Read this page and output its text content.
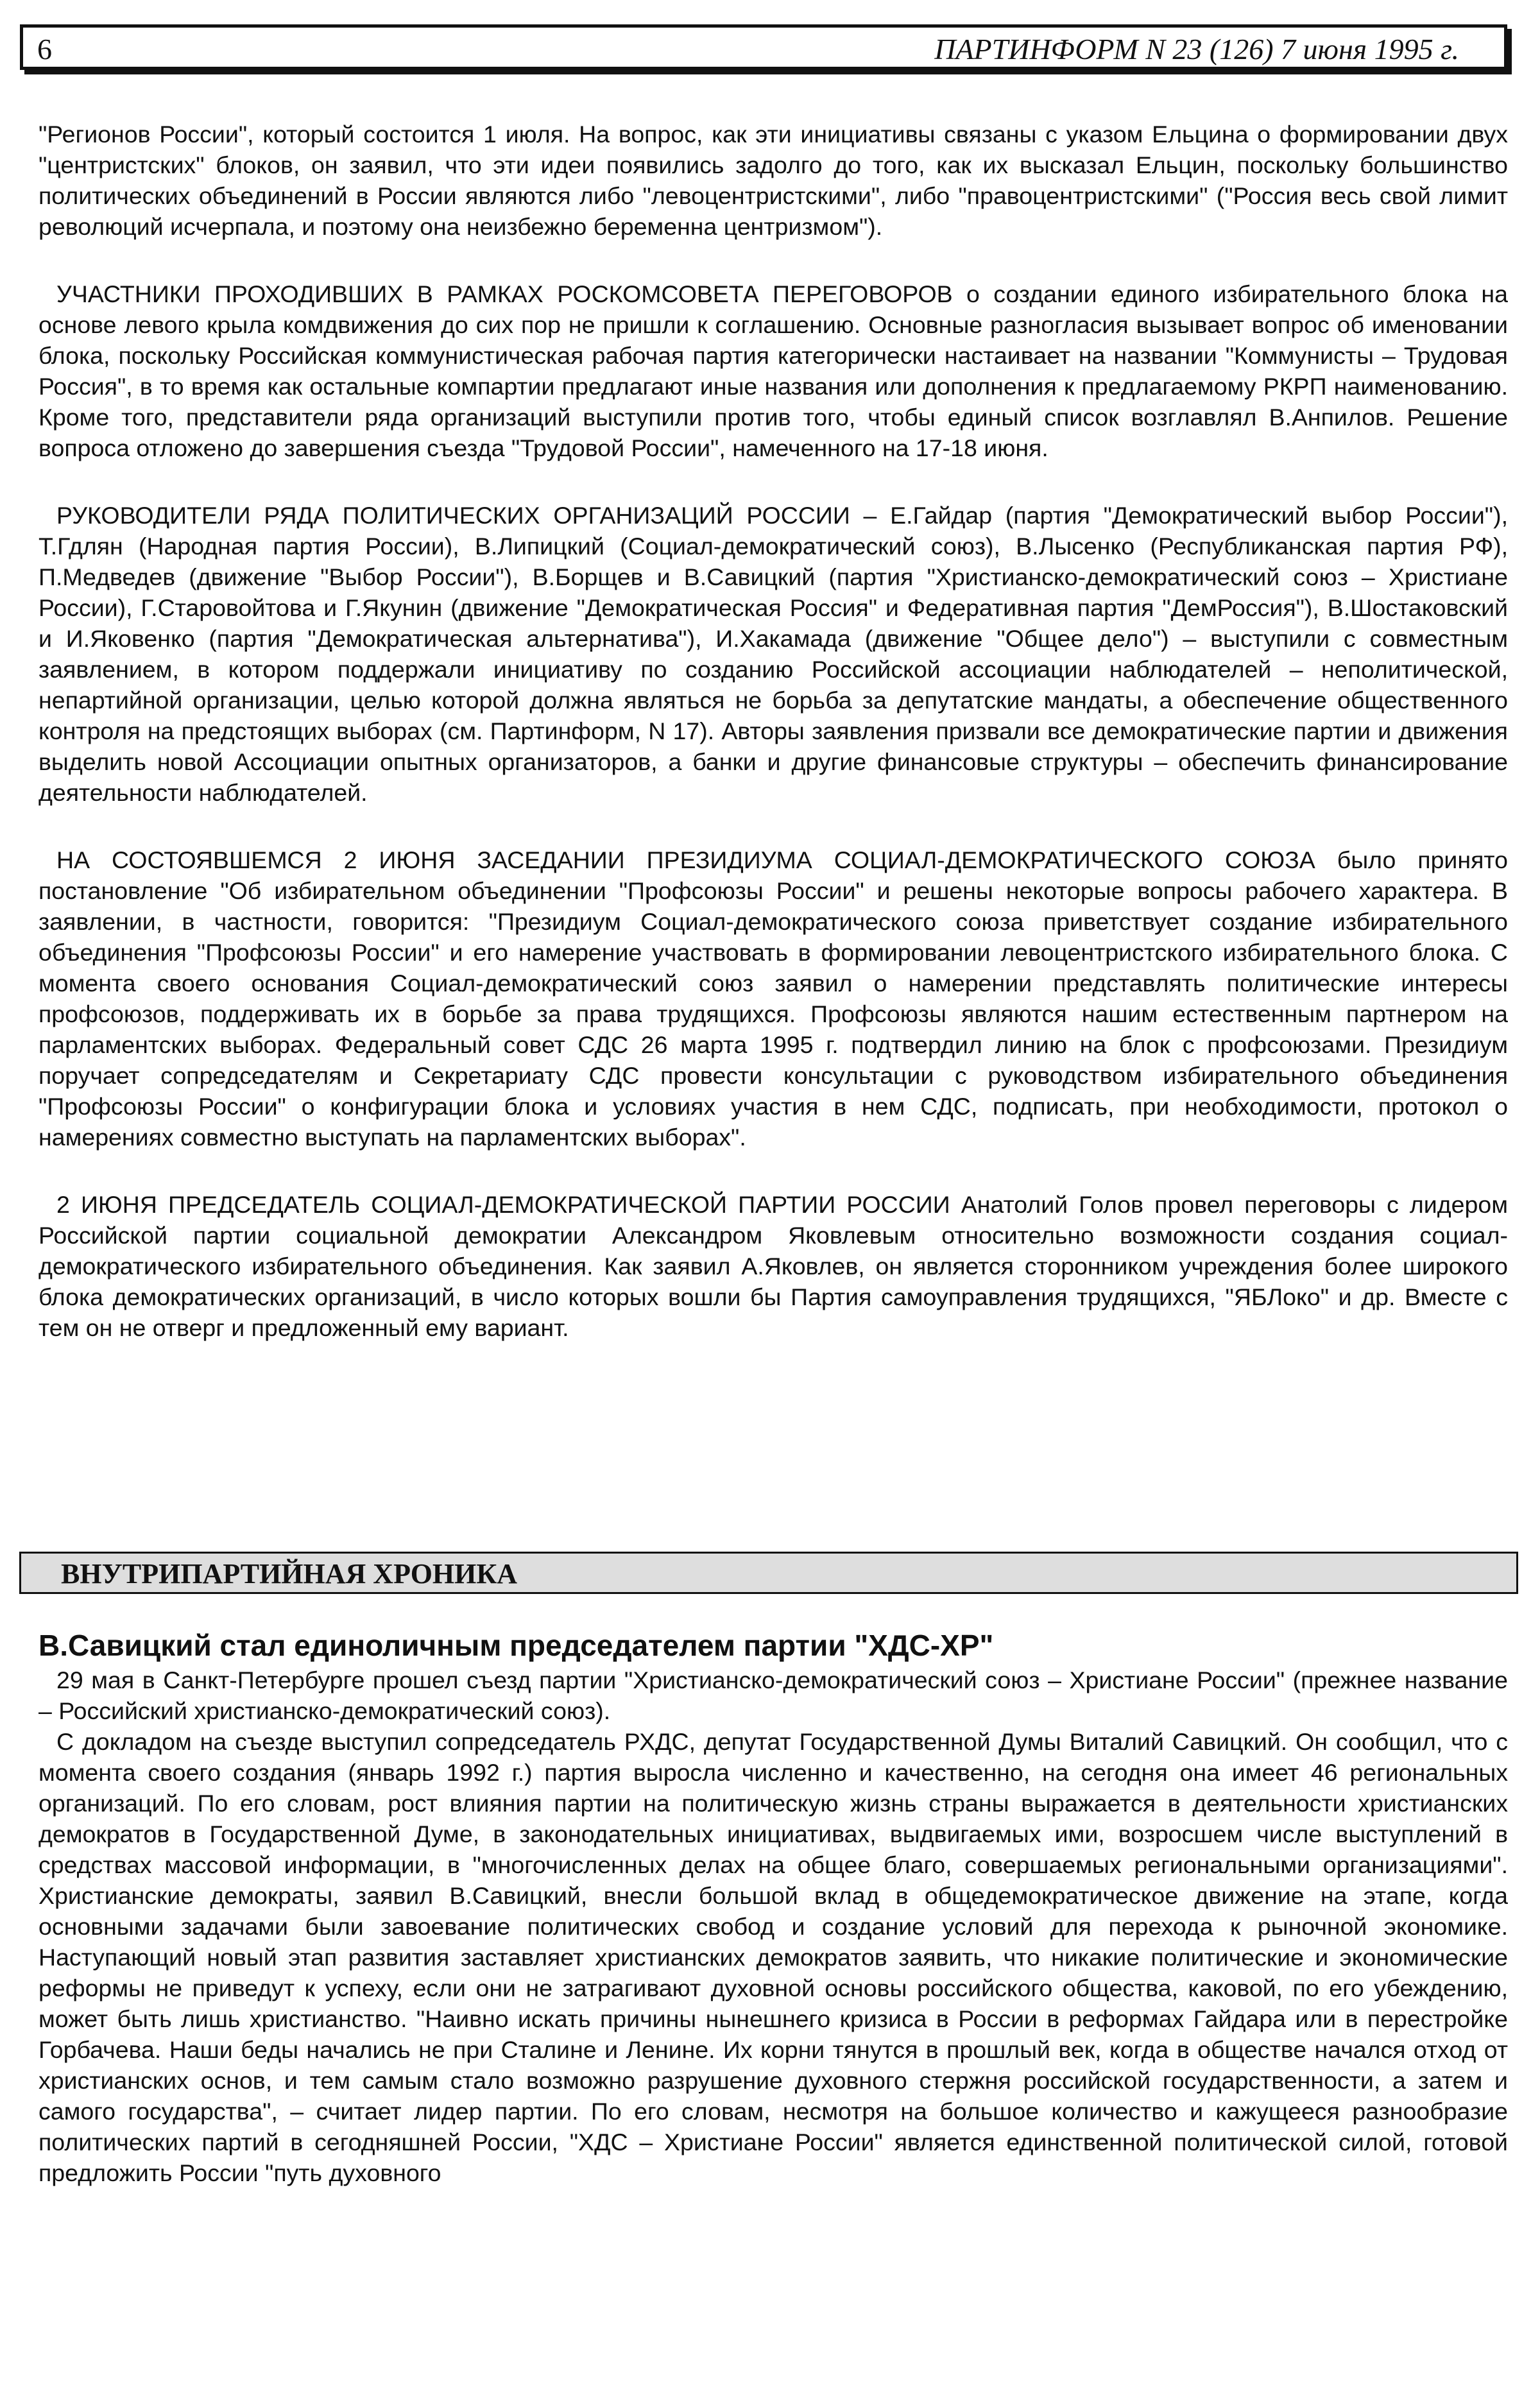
6	ПАРТИНФОРМ N 23 (126) 7 июня 1995 г.

"Регионов России", который состоится 1 июля. На вопрос, как эти инициативы связаны с указом Ельцина о формировании двух "центристских" блоков, он заявил, что эти идеи появились задолго до того, как их высказал Ельцин, поскольку большинство политических объединений в России являются либо "левоцентристскими", либо "правоцентристскими" ("Россия весь свой лимит революций исчерпала, и поэтому она неизбежно беременна центризмом").

УЧАСТНИКИ ПРОХОДИВШИХ В РАМКАХ РОСКОМСОВЕТА ПЕРЕГОВОРОВ о создании единого избирательного блока на основе левого крыла комдвижения до сих пор не пришли к соглашению. Основные разногласия вызывает вопрос об именовании блока, поскольку Российская коммунистическая рабочая партия категорически настаивает на названии "Коммунисты – Трудовая Россия", в то время как остальные компартии предлагают иные названия или дополнения к предлагаемому РКРП наименованию. Кроме того, представители ряда организаций выступили против того, чтобы единый список возглавлял В.Анпилов. Решение вопроса отложено до завершения съезда "Трудовой России", намеченного на 17-18 июня.

РУКОВОДИТЕЛИ РЯДА ПОЛИТИЧЕСКИХ ОРГАНИЗАЦИЙ РОССИИ – Е.Гайдар (партия "Демократический выбор России"), Т.Гдлян (Народная партия России), В.Липицкий (Социал-демократический союз), В.Лысенко (Республиканская партия РФ), П.Медведев (движение "Выбор России"), В.Борщев и В.Савицкий (партия "Христианско-демократический союз – Христиане России), Г.Старовойтова и Г.Якунин (движение "Демократическая Россия" и Федеративная партия "ДемРоссия"), В.Шостаковский и И.Яковенко (партия "Демократическая альтернатива"), И.Хакамада (движение "Общее дело") – выступили с совместным заявлением, в котором поддержали инициативу по созданию Российской ассоциации наблюдателей – неполитической, непартийной организации, целью которой должна являться не борьба за депутатские мандаты, а обеспечение общественного контроля на предстоящих выборах (см. Партинформ, N 17). Авторы заявления призвали все демократические партии и движения выделить новой Ассоциации опытных организаторов, а банки и другие финансовые структуры – обеспечить финансирование деятельности наблюдателей.

НА СОСТОЯВШЕМСЯ 2 ИЮНЯ ЗАСЕДАНИИ ПРЕЗИДИУМА СОЦИАЛ-ДЕМОКРАТИЧЕСКОГО СОЮЗА было принято постановление "Об избирательном объединении "Профсоюзы России" и решены некоторые вопросы рабочего характера. В заявлении, в частности, говорится: "Президиум Социал-демократического союза приветствует создание избирательного объединения "Профсоюзы России" и его намерение участвовать в формировании левоцентристского избирательного блока. С момента своего основания Социал-демократический союз заявил о намерении представлять политические интересы профсоюзов, поддерживать их в борьбе за права трудящихся. Профсоюзы являются нашим естественным партнером на парламентских выборах. Федеральный совет СДС 26 марта 1995 г. подтвердил линию на блок с профсоюзами. Президиум поручает сопредседателям и Секретариату СДС провести консультации с руководством избирательного объединения "Профсоюзы России" о конфигурации блока и условиях участия в нем СДС, подписать, при необходимости, протокол о намерениях совместно выступать на парламентских выборах".

2 ИЮНЯ ПРЕДСЕДАТЕЛЬ СОЦИАЛ-ДЕМОКРАТИЧЕСКОЙ ПАРТИИ РОССИИ Анатолий Голов провел переговоры с лидером Российской партии социальной демократии Александром Яковлевым относительно возможности создания социал-демократического избирательного объединения. Как заявил А.Яковлев, он является сторонником учреждения более широкого блока демократических организаций, в число которых вошли бы Партия самоуправления трудящихся, "ЯБЛоко" и др. Вместе с тем он не отверг и предложенный ему вариант.

ВНУТРИПАРТИЙНАЯ ХРОНИКА
В.Савицкий стал единоличным председателем партии "ХДС-ХР"

29 мая в Санкт-Петербурге прошел съезд партии "Христианско-демократический союз – Христиане России" (прежнее название – Российский христианско-демократический союз).

С докладом на съезде выступил сопредседатель РХДС, депутат Государственной Думы Виталий Савицкий. Он сообщил, что с момента своего создания (январь 1992 г.) партия выросла численно и качественно, на сегодня она имеет 46 региональных организаций. По его словам, рост влияния партии на политическую жизнь страны выражается в деятельности христианских демократов в Государственной Думе, в законодательных инициативах, выдвигаемых ими, возросшем числе выступлений в средствах массовой информации, в "многочисленных делах на общее благо, совершаемых региональными организациями". Христианские демократы, заявил В.Савицкий, внесли большой вклад в общедемократическое движение на этапе, когда основными задачами были завоевание политических свобод и создание условий для перехода к рыночной экономике. Наступающий новый этап развития заставляет христианских демократов заявить, что никакие политические и экономические реформы не приведут к успеху, если они не затрагивают духовной основы российского общества, каковой, по его убеждению, может быть лишь христианство. "Наивно искать причины нынешнего кризиса в России в реформах Гайдара или в перестройке Горбачева. Наши беды начались не при Сталине и Ленине. Их корни тянутся в прошлый век, когда в обществе начался отход от христианских основ, и тем самым стало возможно разрушение духовного стержня российской государственности, а затем и самого государства", – считает лидер партии. По его словам, несмотря на большое количество и кажущееся разнообразие политических партий в сегодняшней России, "ХДС – Христиане России" является единственной политической силой, готовой предложить России "путь духовного
